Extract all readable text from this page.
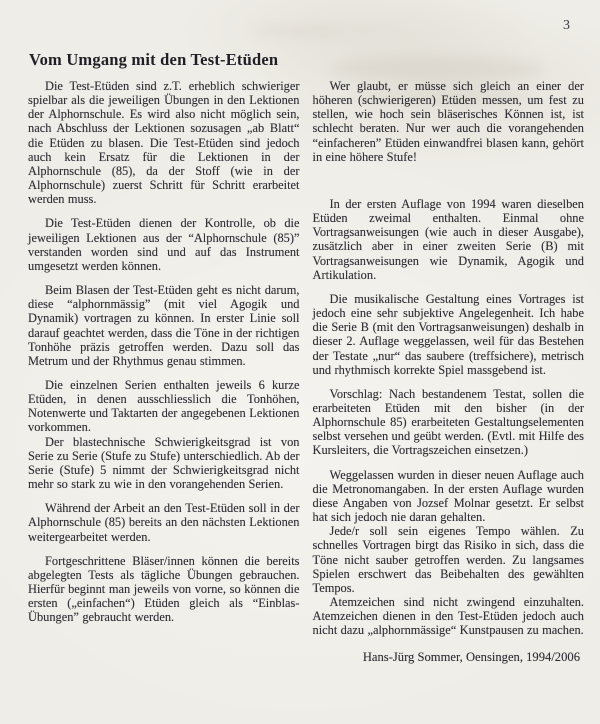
3
Vom Umgang mit den Test-Etüden

Die Test-Etüden sind z.T. erheblich schwieriger spielbar als die jeweiligen Übungen in den Lektionen der Alphornschule. Es wird also nicht möglich sein, nach Abschluss der Lektionen sozusagen „ab Blatt“ die Etüden zu blasen. Die Test-Etüden sind jedoch auch kein Ersatz für die Lektionen in der Alphornschule (85), da der Stoff (wie in der Alphornschule) zuerst Schritt für Schritt erarbeitet werden muss.

Die Test-Etüden dienen der Kontrolle, ob die jeweiligen Lektionen aus der “Alphornschule (85)” verstanden worden sind und auf das Instrument umgesetzt werden können.

Beim Blasen der Test-Etüden geht es nicht darum, diese “alphornmässig” (mit viel Agogik und Dynamik) vortragen zu können. In erster Linie soll darauf geachtet werden, dass die Töne in der richtigen Tonhöhe präzis getroffen werden. Dazu soll das Metrum und der Rhythmus genau stimmen.

Die einzelnen Serien enthalten jeweils 6 kurze Etüden, in denen ausschliesslich die Tonhöhen, Notenwerte und Taktarten der angegebenen Lektionen vorkommen.

Der blastechnische Schwierigkeitsgrad ist von Serie zu Serie (Stufe zu Stufe) unterschiedlich. Ab der Serie (Stufe) 5 nimmt der Schwierigkeitsgrad nicht mehr so stark zu wie in den vorangehenden Serien.

Während der Arbeit an den Test-Etüden soll in der Alphornschule (85) bereits an den nächsten Lektionen weitergearbeitet werden.

Fortgeschrittene Bläser/innen können die bereits abgelegten Tests als tägliche Übungen gebrauchen. Hierfür beginnt man jeweils von vorne, so können die ersten („einfachen“) Etüden gleich als “Einblas-Übungen” gebraucht werden.

Wer glaubt, er müsse sich gleich an einer der höheren (schwierigeren) Etüden messen, um fest zu stellen, wie hoch sein bläserisches Können ist, ist schlecht beraten. Nur wer auch die vorangehenden “einfacheren” Etüden einwandfrei blasen kann, gehört in eine höhere Stufe!

In der ersten Auflage von 1994 waren dieselben Etüden zweimal enthalten. Einmal ohne Vortragsanweisungen (wie auch in dieser Ausgabe), zusätzlich aber in einer zweiten Serie (B) mit Vortragsanweisungen wie Dynamik, Agogik und Artikulation.

Die musikalische Gestaltung eines Vortrages ist jedoch eine sehr subjektive Angelegenheit. Ich habe die Serie B (mit den Vortragsanweisungen) deshalb in dieser 2. Auflage weggelassen, weil für das Bestehen der Testate „nur“ das saubere (treffsichere), metrisch und rhythmisch korrekte Spiel massgebend ist.

Vorschlag: Nach bestandenem Testat, sollen die erarbeiteten Etüden mit den bisher (in der Alphornschule 85) erarbeiteten Gestaltungselementen selbst versehen und geübt werden. (Evtl. mit Hilfe des Kursleiters, die Vortragszeichen einsetzen.)

Weggelassen wurden in dieser neuen Auflage auch die Metronomangaben. In der ersten Auflage wurden diese Angaben von Jozsef Molnar gesetzt. Er selbst hat sich jedoch nie daran gehalten.

Jede/r soll sein eigenes Tempo wählen. Zu schnelles Vortragen birgt das Risiko in sich, dass die Töne nicht sauber getroffen werden. Zu langsames Spielen erschwert das Beibehalten des gewählten Tempos.

Atemzeichen sind nicht zwingend einzuhalten. Atemzeichen dienen in den Test-Etüden jedoch auch nicht dazu „alphornmässige“ Kunstpausen zu machen.

Hans-Jürg Sommer, Oensingen, 1994/2006
